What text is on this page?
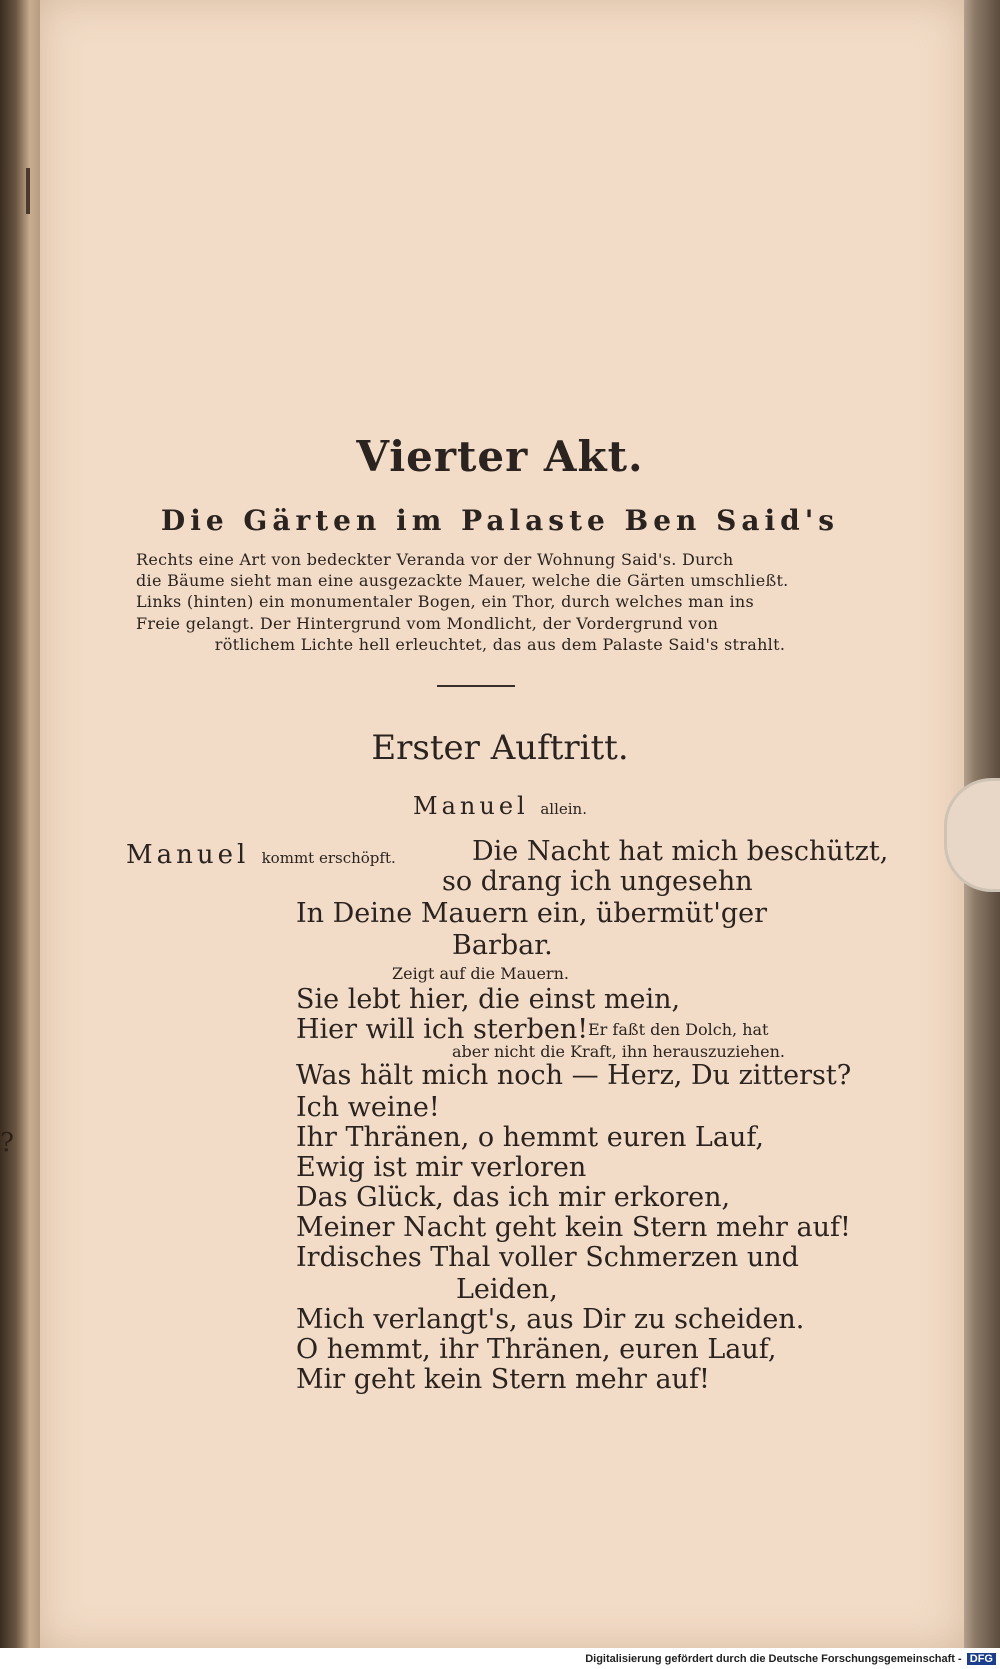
?
Vierter Akt.
Die Gärten im Palaste Ben Said's
Rechts eine Art von bedeckter Veranda vor der Wohnung Said's. Durch
die Bäume sieht man eine ausgezackte Mauer, welche die Gärten umschließt.
Links (hinten) ein monumentaler Bogen, ein Thor, durch welches man ins
Freie gelangt. Der Hintergrund vom Mondlicht, der Vordergrund von
rötlichem Lichte hell erleuchtet, das aus dem Palaste Said's strahlt.
Erster Auftritt.
Manuel allein.
Manuel kommt erschöpft.	Die Nacht hat mich beschützt,
so drang ich ungesehn
In Deine Mauern ein, übermüt'ger
Barbar.
Zeigt auf die Mauern.
Sie lebt hier, die einst mein,
Hier will ich sterben! Er faßt den Dolch, hat
aber nicht die Kraft, ihn herauszuziehen.
Was hält mich noch — Herz, Du zitterst?
Ich weine!
Ihr Thränen, o hemmt euren Lauf,
Ewig ist mir verloren
Das Glück, das ich mir erkoren,
Meiner Nacht geht kein Stern mehr auf!
Irdisches Thal voller Schmerzen und
Leiden,
Mich verlangt's, aus Dir zu scheiden.
O hemmt, ihr Thränen, euren Lauf,
Mir geht kein Stern mehr auf!
Digitalisierung gefördert durch die Deutsche Forschungsgemeinschaft - DFG
